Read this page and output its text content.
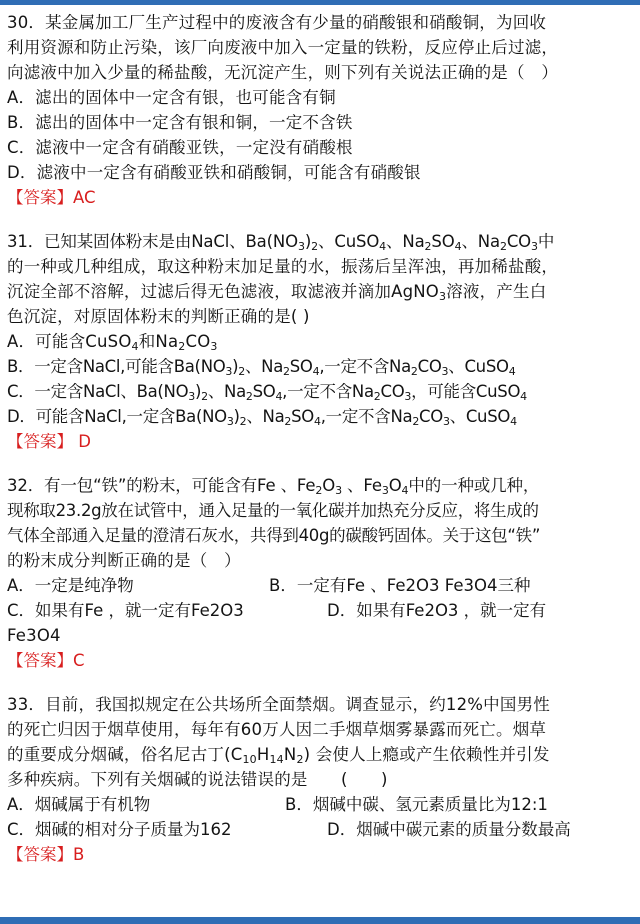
30．某金属加工厂生产过程中的废液含有少量的硝酸银和硝酸铜，为回收
利用资源和防止污染，该厂向废液中加入一定量的铁粉，反应停止后过滤，
向滤液中加入少量的稀盐酸，无沉淀产生，则下列有关说法正确的是（　）
A．滤出的固体中一定含有银，也可能含有铜
B．滤出的固体中一定含有银和铜，一定不含铁
C．滤液中一定含有硝酸亚铁，一定没有硝酸根
D．滤液中一定含有硝酸亚铁和硝酸铜，可能含有硝酸银
【答案】AC
31．已知某固体粉末是由NaCl、$Ba(NO_3)_2$、CuSO$_4$、$Na_2SO_4$、$Na_2CO_3$中
的一种或几种组成，取这种粉末加足量的水，振荡后呈浑浊，再加稀盐酸，
沉淀全部不溶解，过滤后得无色滤液，取滤液并滴加AgNO$_3$溶液，产生白
色沉淀，对原固体粉末的判断正确的是( )
A．可能含CuSO$_4$和$Na_2CO_3$
B．一定含NaCl,可能含$Ba(NO_3)_2$、$Na_2SO_4$,一定不含$Na_2CO_3$、CuSO$_4$
C．一定含NaCl、$Ba(NO_3)_2$、$Na_2SO_4$,一定不含$Na_2CO_3$，可能含CuSO$_4$
D．可能含NaCl,一定含$Ba(NO_3)_2$、$Na_2SO_4$,一定不含$Na_2CO_3$、CuSO$_4$
【答案】 D
32．有一包“铁”的粉末，可能含有Fe 、$Fe_2O_3$ 、$Fe_3O_4$中的一种或几种，
现称取23.2g放在试管中，通入足量的一氧化碳并加热充分反应，将生成的
气体全部通入足量的澄清石灰水，共得到40g的碳酸钙固体。关于这包“铁”
的粉末成分判断正确的是（　）
A．一定是纯净物	B．一定有Fe 、Fe2O3 Fe3O4三种
C．如果有Fe ，就一定有Fe2O3	D．如果有Fe2O3 ，就一定有
Fe3O4
【答案】C
33．目前，我国拟规定在公共场所全面禁烟。调查显示，约12%中国男性
的死亡归因于烟草使用，每年有60万人因二手烟草烟雾暴露而死亡。烟草
的重要成分烟碱，俗名尼古丁$(C_{10}H_{14}N_2)$ 会使人上瘾或产生依赖性并引发
多种疾病。下列有关烟碱的说法错误的是　　(　　)
A．烟碱属于有机物	B．烟碱中碳、氢元素质量比为12:1
C．烟碱的相对分子质量为162	D．烟碱中碳元素的质量分数最高
【答案】B
